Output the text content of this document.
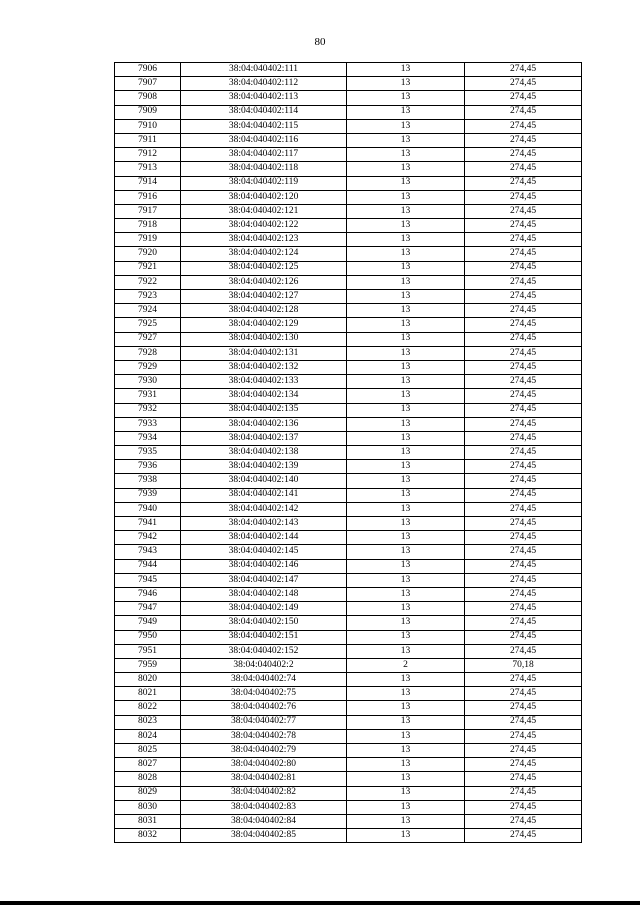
80
7906	38:04:040402:111	13	274,45
7907	38:04:040402:112	13	274,45
7908	38:04:040402:113	13	274,45
7909	38:04:040402:114	13	274,45
7910	38:04:040402:115	13	274,45
7911	38:04:040402:116	13	274,45
7912	38:04:040402:117	13	274,45
7913	38:04:040402:118	13	274,45
7914	38:04:040402:119	13	274,45
7916	38:04:040402:120	13	274,45
7917	38:04:040402:121	13	274,45
7918	38:04:040402:122	13	274,45
7919	38:04:040402:123	13	274,45
7920	38:04:040402:124	13	274,45
7921	38:04:040402:125	13	274,45
7922	38:04:040402:126	13	274,45
7923	38:04:040402:127	13	274,45
7924	38:04:040402:128	13	274,45
7925	38:04:040402:129	13	274,45
7927	38:04:040402:130	13	274,45
7928	38:04:040402:131	13	274,45
7929	38:04:040402:132	13	274,45
7930	38:04:040402:133	13	274,45
7931	38:04:040402:134	13	274,45
7932	38:04:040402:135	13	274,45
7933	38:04:040402:136	13	274,45
7934	38:04:040402:137	13	274,45
7935	38:04:040402:138	13	274,45
7936	38:04:040402:139	13	274,45
7938	38:04:040402:140	13	274,45
7939	38:04:040402:141	13	274,45
7940	38:04:040402:142	13	274,45
7941	38:04:040402:143	13	274,45
7942	38:04:040402:144	13	274,45
7943	38:04:040402:145	13	274,45
7944	38:04:040402:146	13	274,45
7945	38:04:040402:147	13	274,45
7946	38:04:040402:148	13	274,45
7947	38:04:040402:149	13	274,45
7949	38:04:040402:150	13	274,45
7950	38:04:040402:151	13	274,45
7951	38:04:040402:152	13	274,45
7959	38:04:040402:2	2	70,18
8020	38:04:040402:74	13	274,45
8021	38:04:040402:75	13	274,45
8022	38:04:040402:76	13	274,45
8023	38:04:040402:77	13	274,45
8024	38:04:040402:78	13	274,45
8025	38:04:040402:79	13	274,45
8027	38:04:040402:80	13	274,45
8028	38:04:040402:81	13	274,45
8029	38:04:040402:82	13	274,45
8030	38:04:040402:83	13	274,45
8031	38:04:040402:84	13	274,45
8032	38:04:040402:85	13	274,45
